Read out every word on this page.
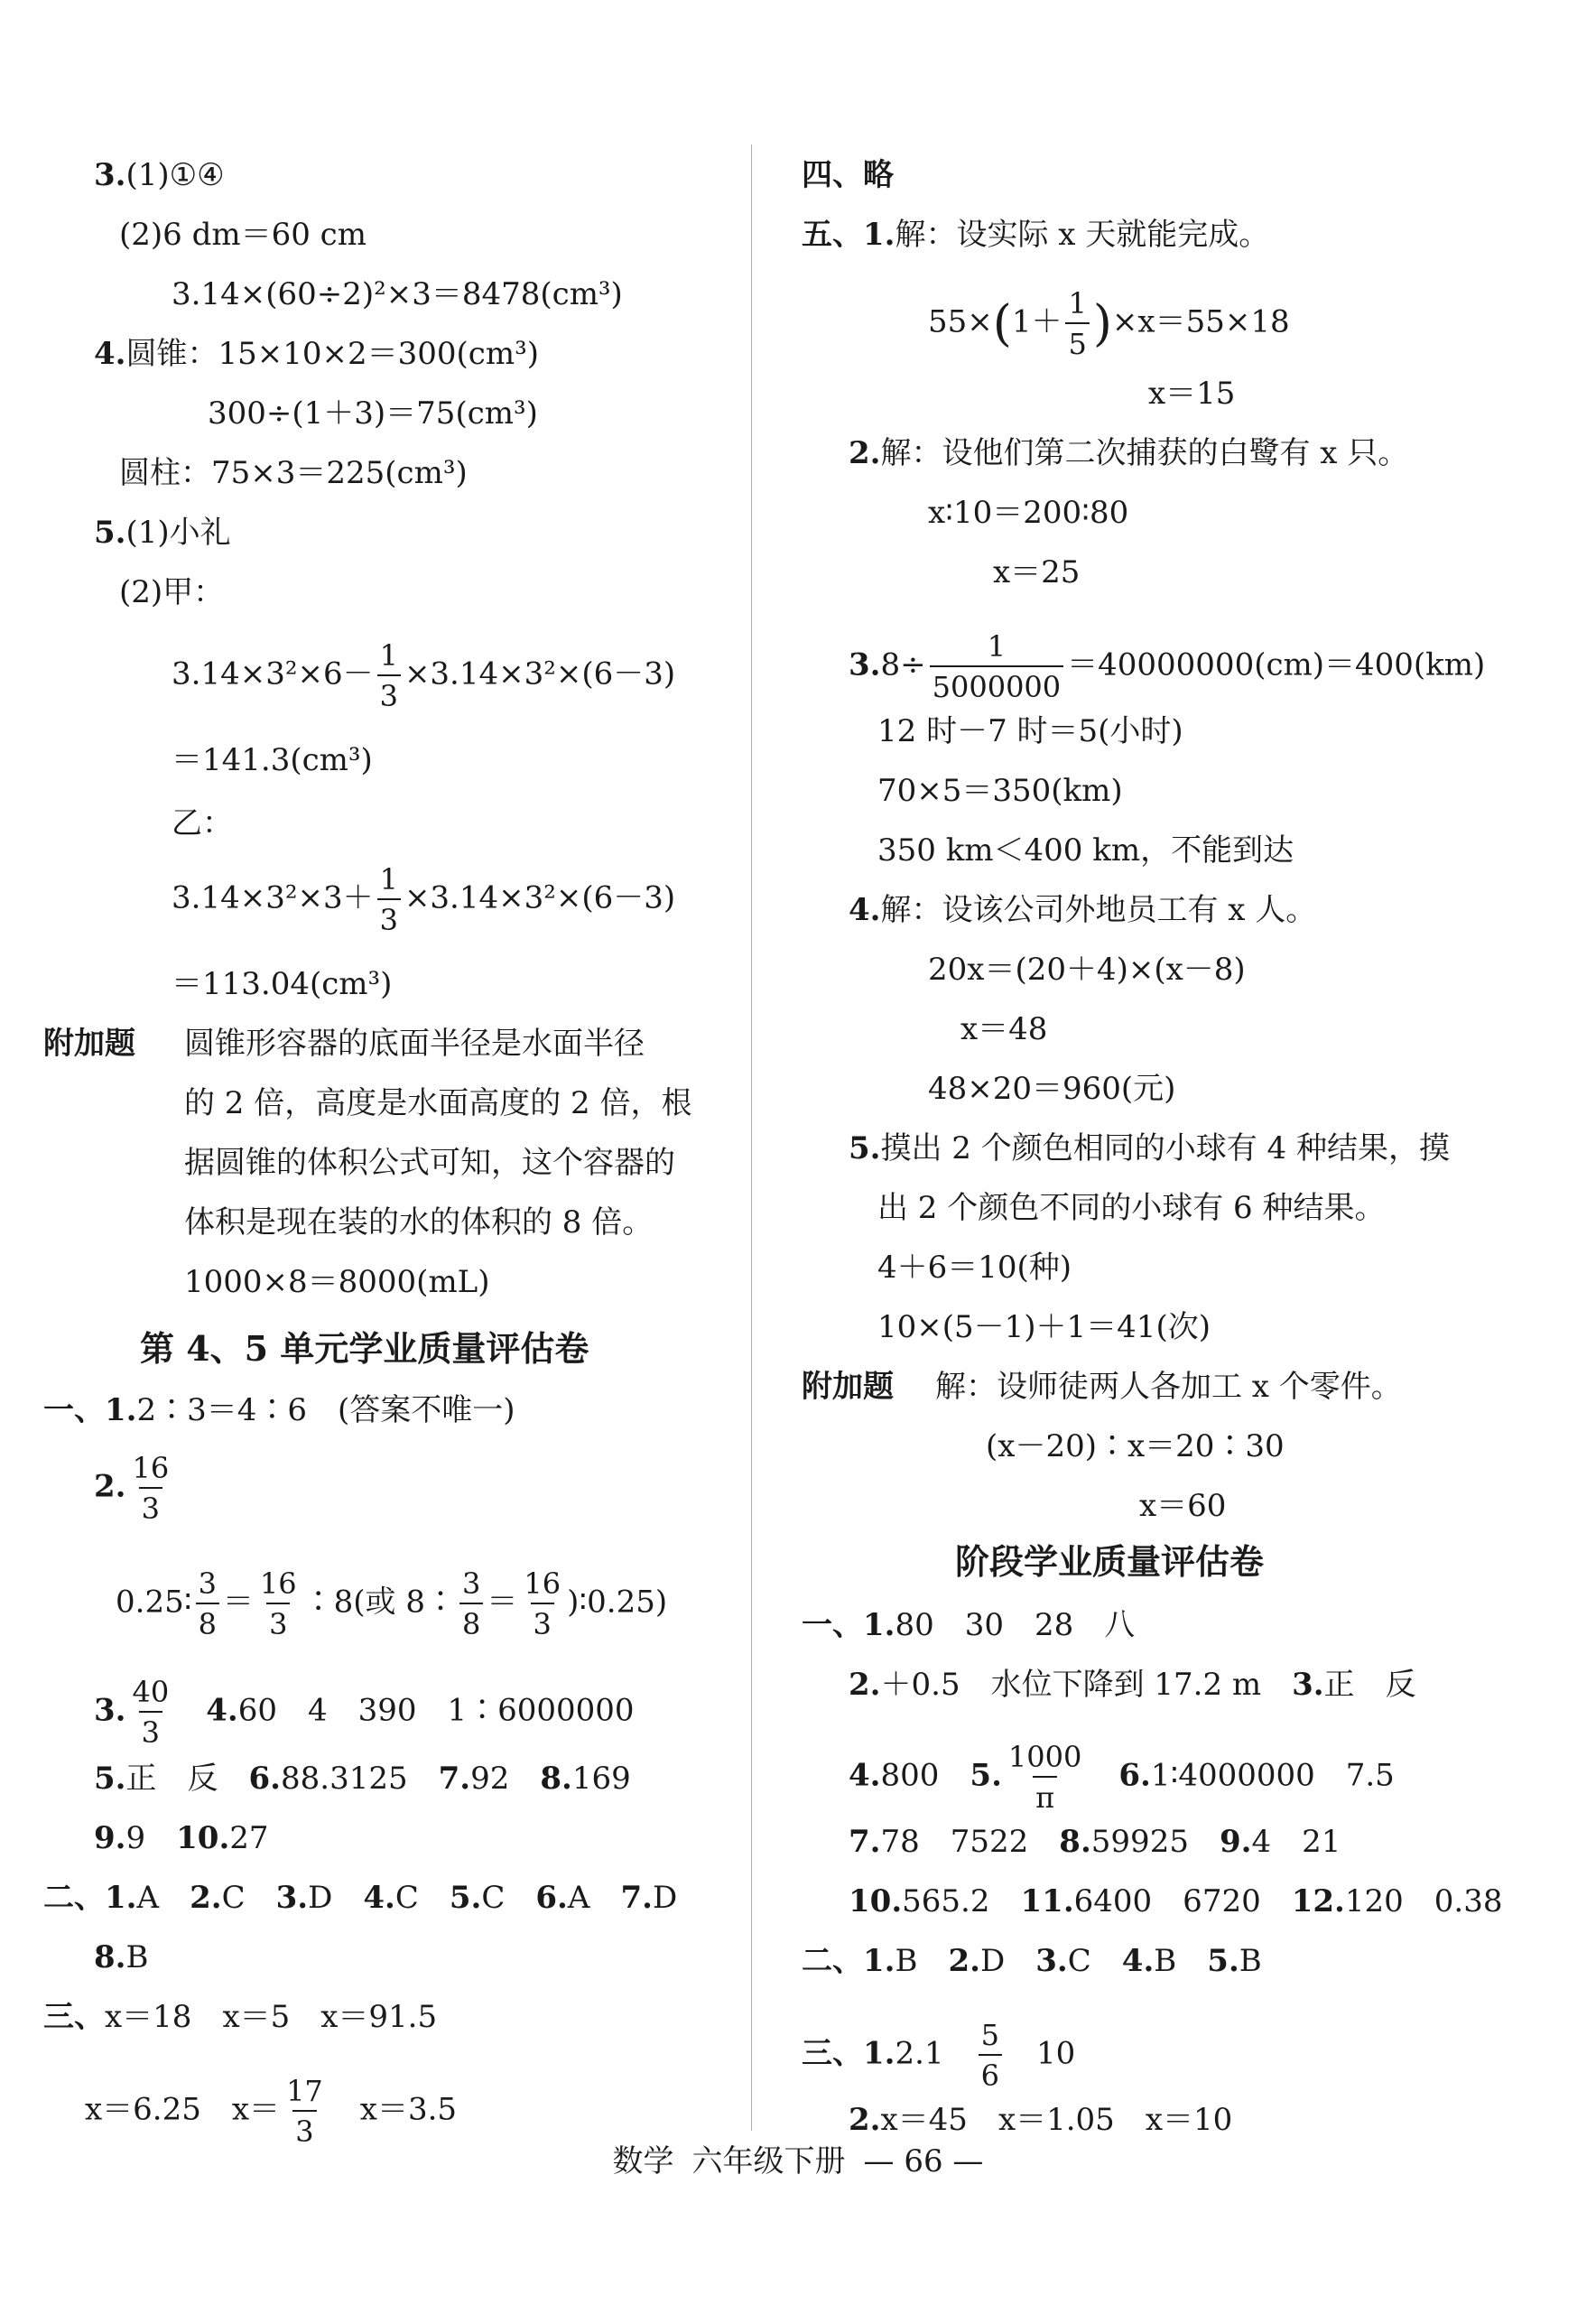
3.(1)①④
(2)6 dm＝60 cm
3.14×(60÷2)²×3＝8478(cm³)
4.圆锥：15×10×2＝300(cm³)
300÷(1＋3)＝75(cm³)
圆柱：75×3＝225(cm³)
5.(1)小礼
(2)甲：
$3.14\times 3^2\times 6- \frac{1}{3} \times 3.14\times 3^2\times(6-3)$
＝141.3(cm³)
乙：
$3.14\times 3^2\times 3+ \frac{1}{3} \times 3.14\times 3^2\times(6-3)$
＝113.04(cm³)
附加题 圆锥形容器的底面半径是水面半径
的 2 倍，高度是水面高度的 2 倍，根
据圆锥的体积公式可知，这个容器的
体积是现在装的水的体积的 8 倍。
1000×8＝8000(mL)
第 4、5 单元学业质量评估卷
一、1.2∶3＝4∶6　(答案不唯一)
2. $\frac{16}{3}$
0.25∶ $\frac{3}{8} = \frac{16}{3}$ ∶8(或 8∶ $\frac{3}{8} = \frac{16}{3}$ )∶0.25)
3. $\frac{40}{3}$
　 4.60　4　390　1∶6000000
5.正　反　 6.88.3125　 7.92　 8.169
9.9　 10.27
二、1.A　 2.C　 3.D　 4.C　 5.C　 6.A　 7.D
8.B
三、x＝18　x＝5　x＝91.5
x＝6.25　$x= \frac{17}{3}$ 　x＝3.5
四、略
五、1.解：设实际 x 天就能完成。
$55\times(1+ \frac{1}{5} )\times x=55\times 18$
x＝15
2.解：设他们第二次捕获的白鹭有 x 只。
x∶10＝200∶80
x＝25
$3.8\div \frac{1}{5000000} =40000000(cm)=400(km)$
12 时－7 时＝5(小时)
70×5＝350(km)
350 km＜400 km，不能到达
4.解：设该公司外地员工有 x 人。
20x＝(20＋4)×(x－8)
x＝48
48×20＝960(元)
5.摸出 2 个颜色相同的小球有 4 种结果，摸
出 2 个颜色不同的小球有 6 种结果。
4＋6＝10(种)
10×(5－1)＋1＝41(次)
附加题 解：设师徒两人各加工 x 个零件。
(x－20)∶x＝20∶30
x＝60
阶段学业质量评估卷
一、1.80　30　28　八
2.＋0.5　水位下降到 17.2 m　 3.正　反
4.800　 5. $\frac{1000}{\pi}$
　 6.1∶4000000　7.5
7.78　7522　 8.59925　 9.4　21
10.565.2　 11.6400　6720　 12.120　0.38
二、1.B　 2.D　 3.C　 4.B　 5.B
三、1.2.1　 $\frac{5}{6}$
　 10
2.x＝45　x＝1.05　x＝10
数学 六年级下册 — 66 —
